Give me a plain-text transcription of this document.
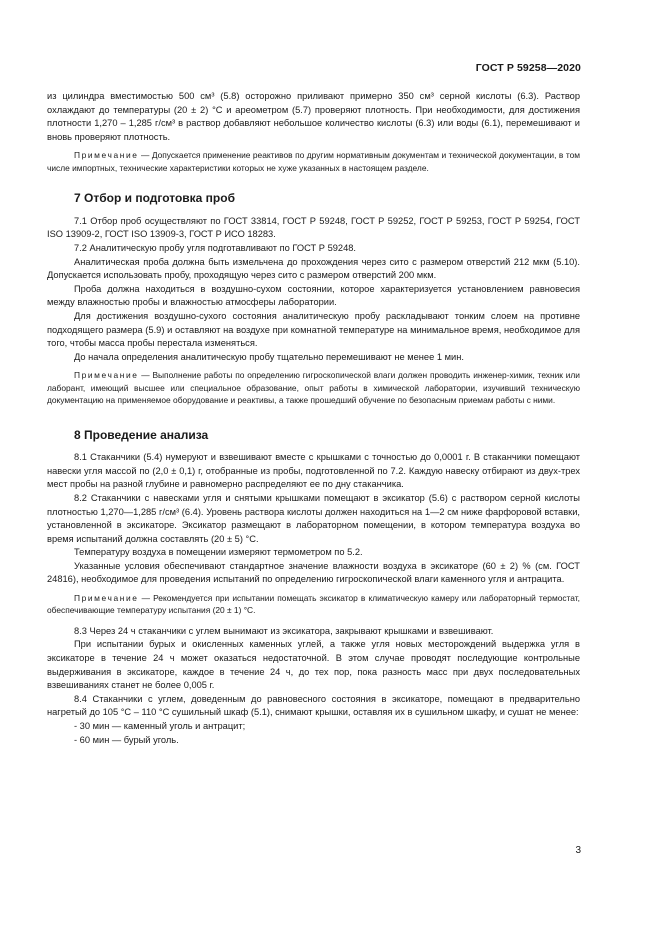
ГОСТ Р 59258—2020

из цилиндра вместимостью 500 см³ (5.8) осторожно приливают примерно 350 см³ серной кислоты (6.3). Раствор охлаждают до температуры (20 ± 2) °С и ареометром (5.7) проверяют плотность. При необходимости, для достижения плотности 1,270 – 1,285 г/см³ в раствор добавляют небольшое количество кислоты (6.3) или воды (6.1), перемешивают и вновь проверяют плотность.

Примечание — Допускается применение реактивов по другим нормативным документам и технической документации, в том числе импортных, технические характеристики которых не хуже указанных в настоящем разделе.

7 Отбор и подготовка проб

7.1 Отбор проб осуществляют по ГОСТ 33814, ГОСТ Р 59248, ГОСТ Р 59252, ГОСТ Р 59253, ГОСТ Р 59254, ГОСТ ISO 13909-2, ГОСТ ISO 13909-3, ГОСТ Р ИСО 18283.

7.2 Аналитическую пробу угля подготавливают по ГОСТ Р 59248.

Аналитическая проба должна быть измельчена до прохождения через сито с размером отверстий 212 мкм (5.10). Допускается использовать пробу, проходящую через сито с размером отверстий 200 мкм.

Проба должна находиться в воздушно-сухом состоянии, которое характеризуется установлением равновесия между влажностью пробы и влажностью атмосферы лаборатории.

Для достижения воздушно-сухого состояния аналитическую пробу раскладывают тонким слоем на противне подходящего размера (5.9) и оставляют на воздухе при комнатной температуре на минимальное время, необходимое для того, чтобы масса пробы перестала изменяться.

До начала определения аналитическую пробу тщательно перемешивают не менее 1 мин.

Примечание — Выполнение работы по определению гигроскопической влаги должен проводить инженер-химик, техник или лаборант, имеющий высшее или специальное образование, опыт работы в химической лаборатории, изучивший техническую документацию на применяемое оборудование и реактивы, а также прошедший обучение по безопасным приемам работы с ними.

8 Проведение анализа

8.1 Стаканчики (5.4) нумеруют и взвешивают вместе с крышками с точностью до 0,0001 г. В стаканчики помещают навески угля массой по (2,0 ± 0,1) г, отобранные из пробы, подготовленной по 7.2. Каждую навеску отбирают из двух-трех мест пробы на разной глубине и равномерно распределяют ее по дну стаканчика.

8.2 Стаканчики с навесками угля и снятыми крышками помещают в эксикатор (5.6) с раствором серной кислоты плотностью 1,270—1,285 г/см³ (6.4). Уровень раствора кислоты должен находиться на 1—2 см ниже фарфоровой вставки, установленной в эксикаторе. Эксикатор размещают в лабораторном помещении, в котором температура воздуха во время испытаний должна составлять (20 ± 5) °С.

Температуру воздуха в помещении измеряют термометром по 5.2.

Указанные условия обеспечивают стандартное значение влажности воздуха в эксикаторе (60 ± 2) % (см. ГОСТ 24816), необходимое для проведения испытаний по определению гигроскопической влаги каменного угля и антрацита.

Примечание — Рекомендуется при испытании помещать эксикатор в климатическую камеру или лабораторный термостат, обеспечивающие температуру испытания (20 ± 1) °С.

8.3 Через 24 ч стаканчики с углем вынимают из эксикатора, закрывают крышками и взвешивают.

При испытании бурых и окисленных каменных углей, а также угля новых месторождений выдержка угля в эксикаторе в течение 24 ч может оказаться недостаточной. В этом случае проводят последующие контрольные выдерживания в эксикаторе, каждое в течение 24 ч, до тех пор, пока разность масс при двух последовательных взвешиваниях станет не более 0,005 г.

8.4 Стаканчики с углем, доведенным до равновесного состояния в эксикаторе, помещают в предварительно нагретый до 105 °С – 110 °С сушильный шкаф (5.1), снимают крышки, оставляя их в сушильном шкафу, и сушат не менее:

- 30 мин — каменный уголь и антрацит;

- 60 мин — бурый уголь.

3
